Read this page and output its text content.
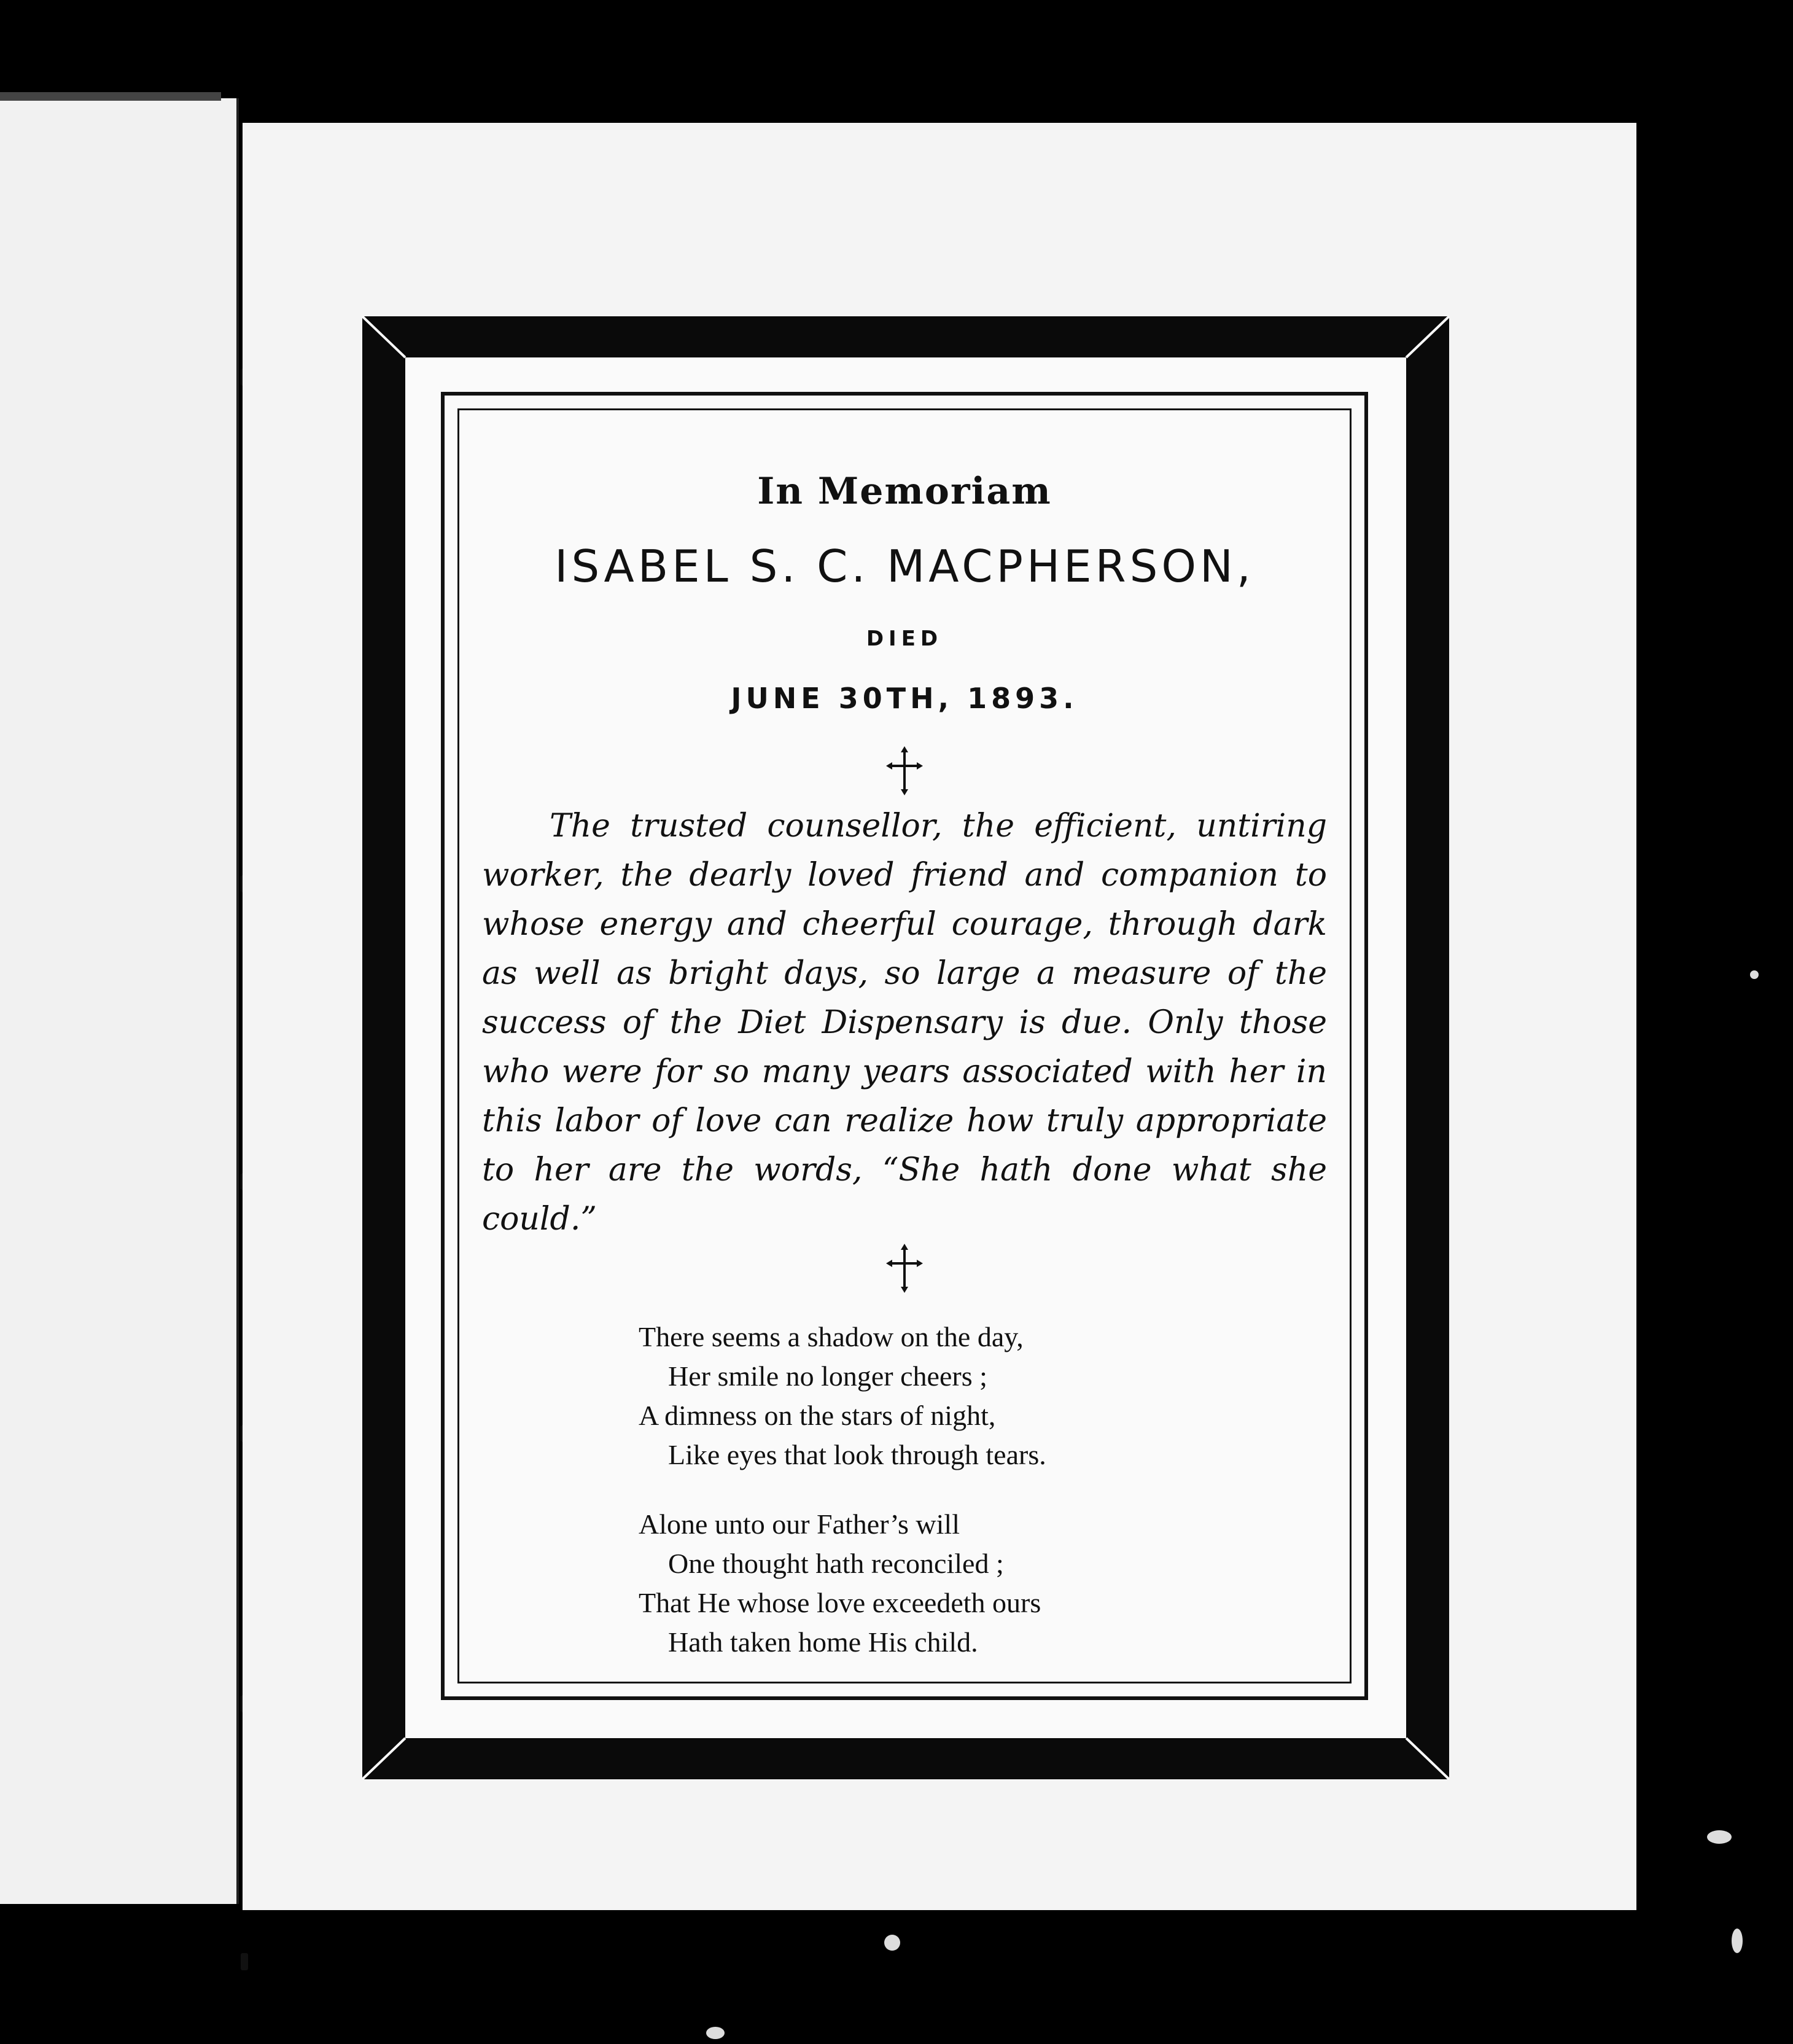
In Memoriam
ISABEL S. C. MACPHERSON,
DIED
JUNE 30TH, 1893.

The trusted counsellor, the efficient, untiring worker, the dearly loved friend and companion to whose energy and cheerful courage, through dark as well as bright days, so large a measure of the success of the Diet Dispensary is due. Only those who were for so many years associated with her in this labor of love can realize how truly appropriate to her are the words, “She hath done what she could.”

There seems a shadow on the day,
Her smile no longer cheers ;
A dimness on the stars of night,
Like eyes that look through tears.
Alone unto our Father’s will
One thought hath reconciled ;
That He whose love exceedeth ours
Hath taken home His child.
